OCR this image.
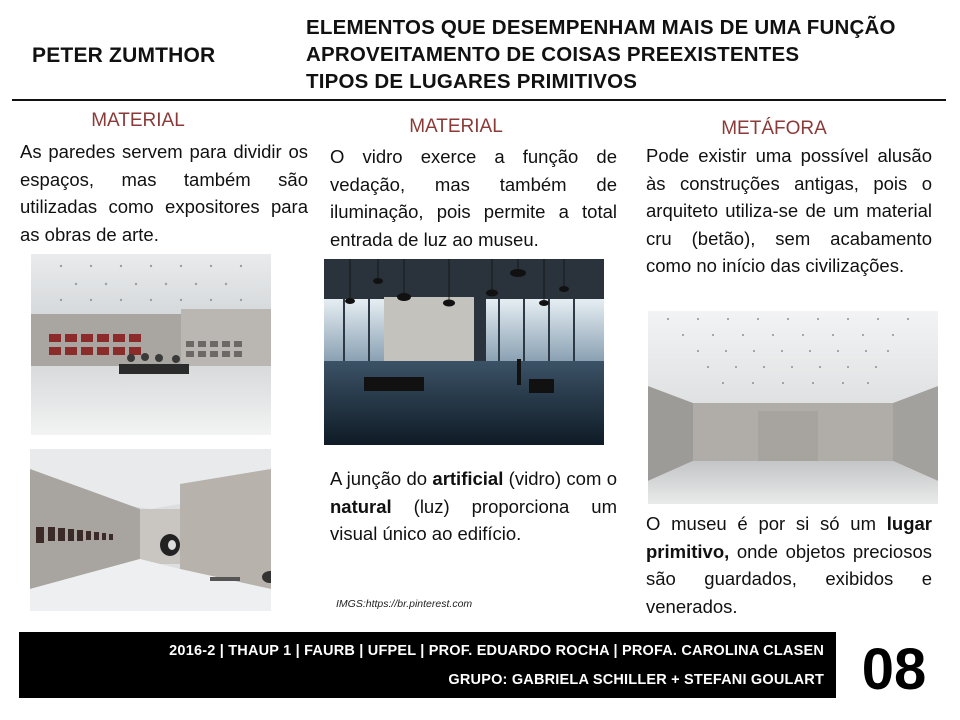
PETER ZUMTHOR
ELEMENTOS QUE DESEMPENHAM MAIS DE UMA FUNÇÃO
APROVEITAMENTO DE COISAS PREEXISTENTES
TIPOS DE LUGARES PRIMITIVOS
MATERIAL
As paredes servem para dividir os espaços, mas também são utilizadas como expositores para as obras de arte.
MATERIAL
O vidro exerce a função de vedação, mas também de iluminação, pois permite a total entrada de luz ao museu.
A junção do artificial (vidro) com o natural (luz) proporciona um visual único ao edifício.
IMGS:https://br.pinterest.com
METÁFORA
Pode existir uma possível alusão às construções antigas, pois o arquiteto utiliza-se de um material cru (betão), sem acabamento como no início das civilizações.
O museu é por si só um lugar primitivo, onde objetos preciosos são guardados, exibidos e venerados.
2016-2 | THAUP 1 | FAURB | UFPEL | PROF. EDUARDO ROCHA | PROFA. CAROLINA CLASEN
GRUPO: GABRIELA SCHILLER + STEFANI GOULART 08
